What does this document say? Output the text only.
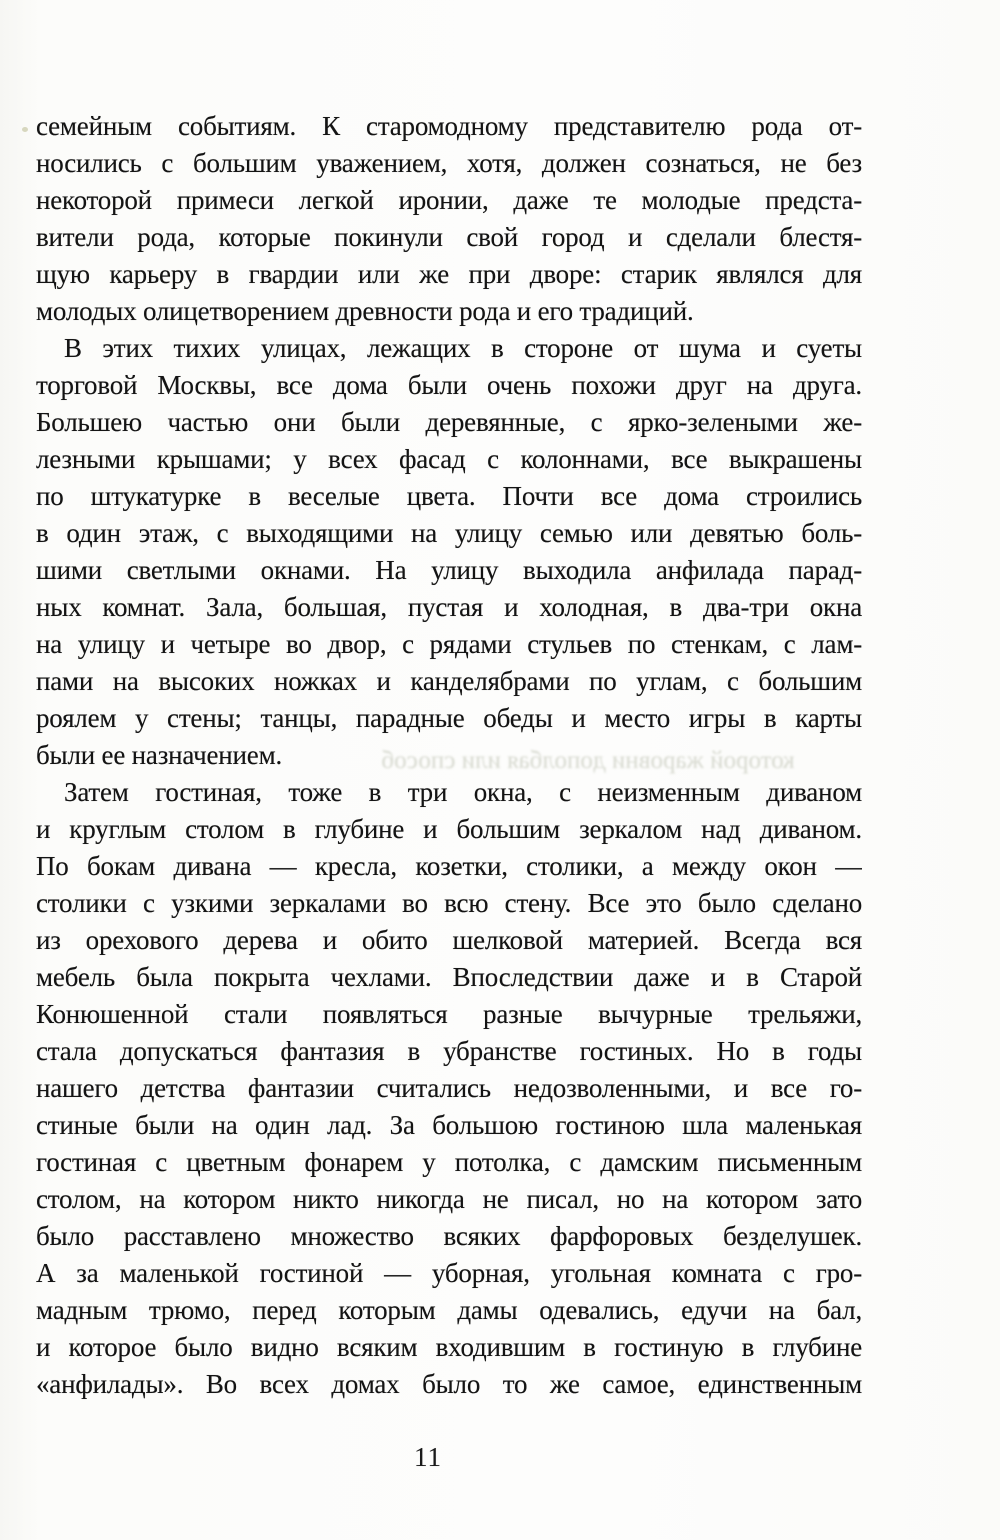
которой жаровни дополбая или способ
семейным событиям. К старомодному представителю рода от-
носились с большим уважением, хотя, должен сознаться, не без
некоторой примеси легкой иронии, даже те молодые предста-
вители рода, которые покинули свой город и сделали блестя-
щую карьеру в гвардии или же при дворе: старик являлся для
молодых олицетворением древности рода и его традиций.
В этих тихих улицах, лежащих в стороне от шума и суеты
торговой Москвы, все дома были очень похожи друг на друга.
Большею частью они были деревянные, с ярко-зелеными же-
лезными крышами; у всех фасад с колоннами, все выкрашены
по штукатурке в веселые цвета. Почти все дома строились
в один этаж, с выходящими на улицу семью или девятью боль-
шими светлыми окнами. На улицу выходила анфилада парад-
ных комнат. Зала, большая, пустая и холодная, в два-три окна
на улицу и четыре во двор, с рядами стульев по стенкам, с лам-
пами на высоких ножках и канделябрами по углам, с большим
роялем у стены; танцы, парадные обеды и место игры в карты
были ее назначением.
Затем гостиная, тоже в три окна, с неизменным диваном
и круглым столом в глубине и большим зеркалом над диваном.
По бокам дивана — кресла, козетки, столики, а между окон —
столики с узкими зеркалами во всю стену. Все это было сделано
из орехового дерева и обито шелковой материей. Всегда вся
мебель была покрыта чехлами. Впоследствии даже и в Старой
Конюшенной стали появляться разные вычурные трельяжи,
стала допускаться фантазия в убранстве гостиных. Но в годы
нашего детства фантазии считались недозволенными, и все го-
стиные были на один лад. За большою гостиною шла маленькая
гостиная с цветным фонарем у потолка, с дамским письменным
столом, на котором никто никогда не писал, но на котором зато
было расставлено множество всяких фарфоровых безделушек.
А за маленькой гостиной — уборная, угольная комната с гро-
мадным трюмо, перед которым дамы одевались, едучи на бал,
и которое было видно всяким входившим в гостиную в глубине
«анфилады». Во всех домах было то же самое, единственным
11
